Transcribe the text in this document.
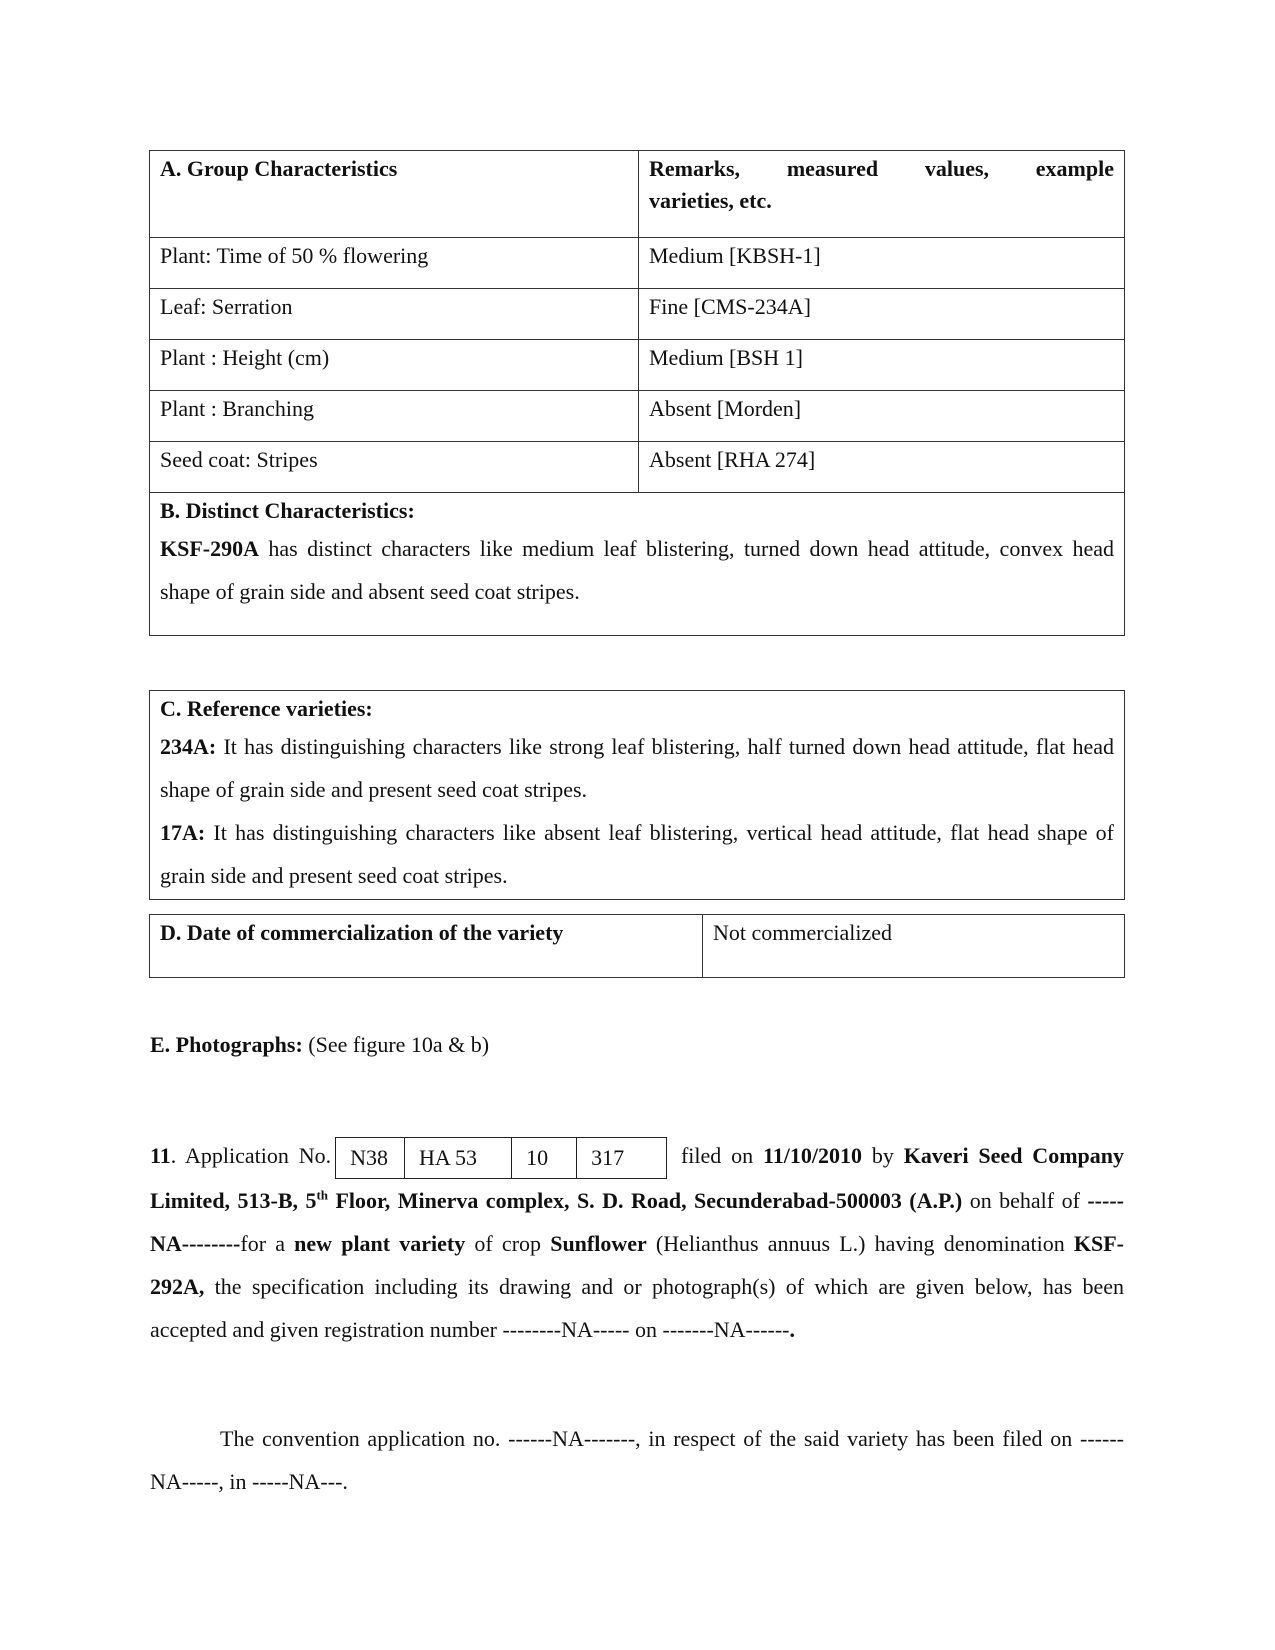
A. Group Characteristics	Remarks, measured values, example
varieties, etc.

Plant: Time of 50 % flowering	Medium [KBSH-1]
Leaf: Serration	Fine [CMS-234A]
Plant : Height (cm)	Medium [BSH 1]
Plant : Branching	Absent [Morden]
Seed coat: Stripes	Absent [RHA 274]

B. Distinct Characteristics:
KSF-290A has distinct characters like medium leaf blistering, turned down head attitude, convex head shape of grain side and absent seed coat stripes.	
C. Reference varieties:
234A: It has distinguishing characters like strong leaf blistering, half turned down head attitude, flat head shape of grain side and present seed coat stripes.
17A: It has distinguishing characters like absent leaf blistering, vertical head attitude, flat head shape of grain side and present seed coat stripes.
D. Date of commercialization of the variety	Not commercialized
E. Photographs: (See figure 10a & b)
11. Application No. N38	HA 53	10	317 filed on 11/10/2010 by Kaveri Seed Company Limited, 513-B, 5th Floor, Minerva complex, S. D. Road, Secunderabad-500003 (A.P.) on behalf of -----NA--------for a new plant variety of crop Sunflower (Helianthus annuus L.) having denomination KSF-292A, the specification including its drawing and or photograph(s) of which are given below, has been accepted and given registration number --------NA----- on -------NA------.
The convention application no. ------NA-------, in respect of the said variety has been filed on ------NA-----, in -----NA---.
